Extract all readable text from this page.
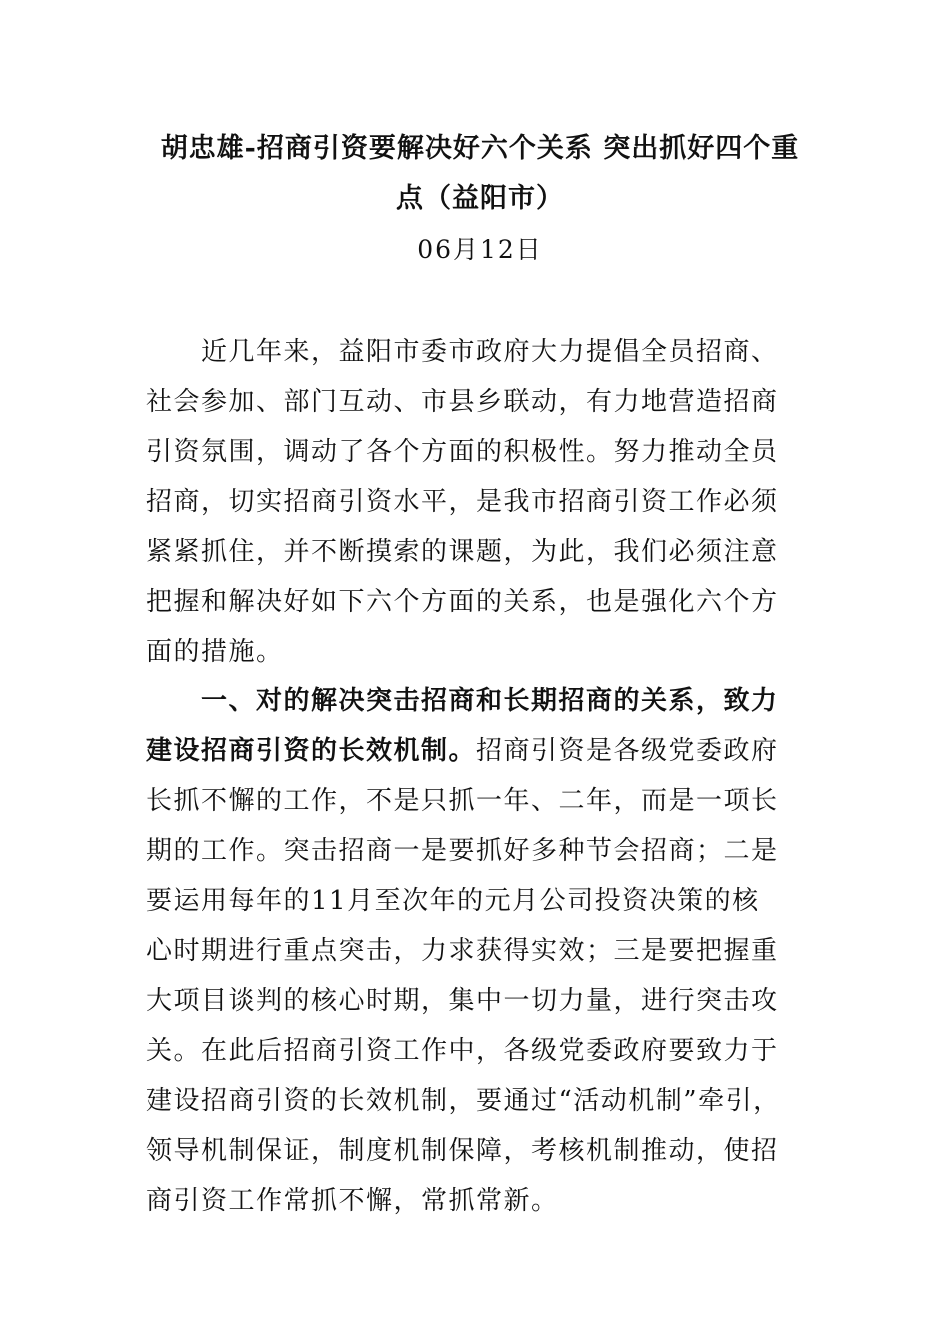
胡忠雄-招商引资要解决好六个关系 突出抓好四个重
点（益阳市）
06月12日
近几年来，益阳市委市政府大力提倡全员招商、
社会参加、部门互动、市县乡联动，有力地营造招商
引资氛围，调动了各个方面的积极性。努力推动全员
招商，切实招商引资水平，是我市招商引资工作必须
紧紧抓住，并不断摸索的课题，为此，我们必须注意
把握和解决好如下六个方面的关系，也是强化六个方
面的措施。
一、对的解决突击招商和长期招商的关系，致力
建设招商引资的长效机制。招商引资是各级党委政府
长抓不懈的工作，不是只抓一年、二年，而是一项长
期的工作。突击招商一是要抓好多种节会招商；二是
要运用每年的11月至次年的元月公司投资决策的核
心时期进行重点突击，力求获得实效；三是要把握重
大项目谈判的核心时期，集中一切力量，进行突击攻
关。在此后招商引资工作中，各级党委政府要致力于
建设招商引资的长效机制，要通过“活动机制”牵引，
领导机制保证，制度机制保障，考核机制推动，使招
商引资工作常抓不懈，常抓常新。
